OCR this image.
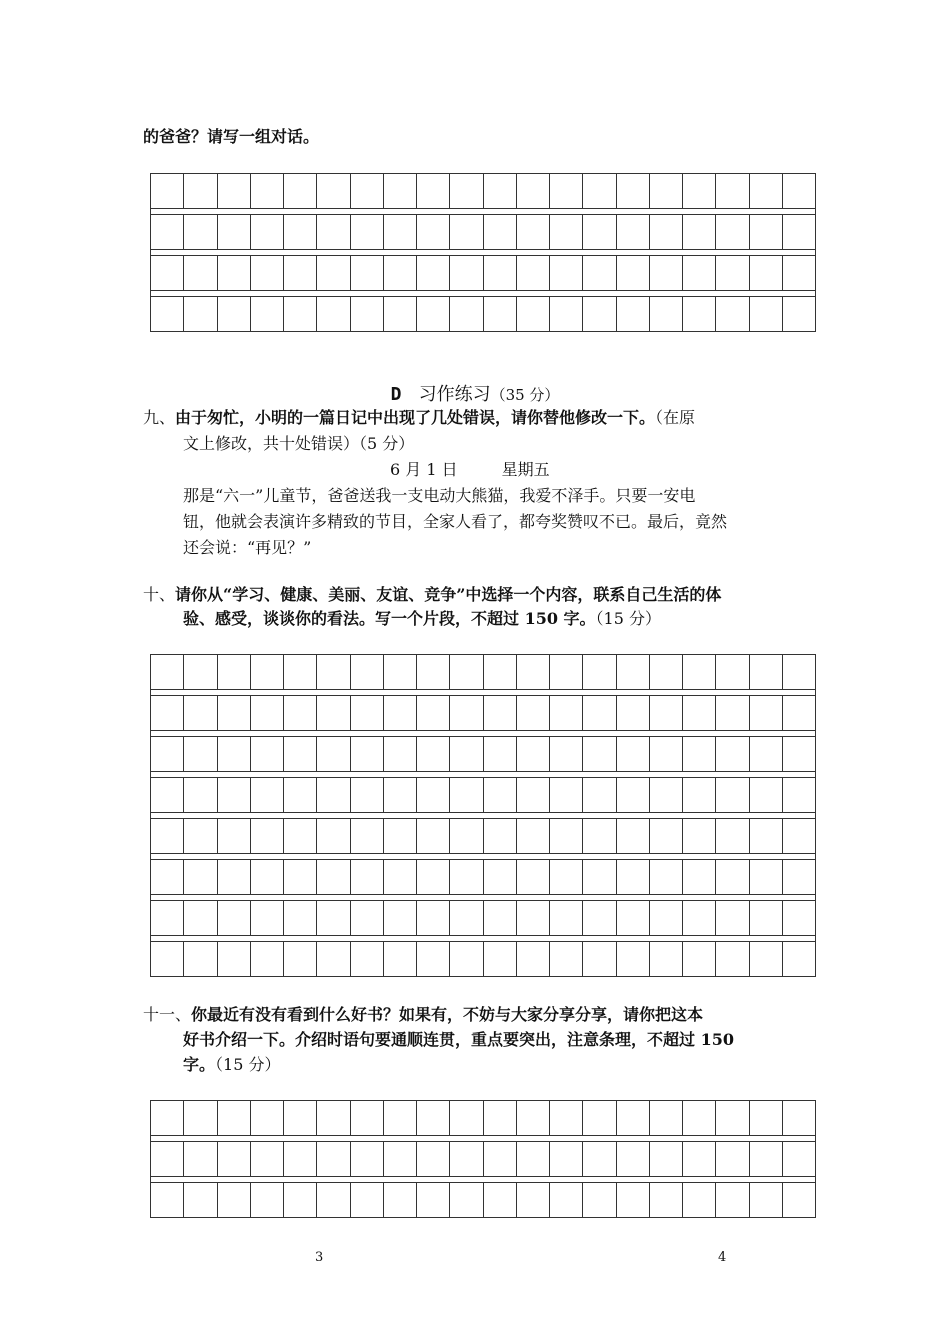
的爸爸？请写一组对话。
D 习作练习（35 分）
九、由于匆忙，小明的一篇日记中出现了几处错误，请你替他修改一下。（在原
文上修改，共十处错误）（5 分）
6 月 1 日	星期五
那是“六一”儿童节，爸爸送我一支电动大熊猫，我爱不泽手。只要一安电
钮，他就会表演许多精致的节目，全家人看了，都夸奖赞叹不已。最后，竟然
还会说：“再见？”
十、请你从“学习、健康、美丽、友谊、竞争”中选择一个内容，联系自己生活的体
验、感受，谈谈你的看法。写一个片段，不超过 150 字。（15 分）
十一、你最近有没有看到什么好书？如果有，不妨与大家分享分享，请你把这本
好书介绍一下。介绍时语句要通顺连贯，重点要突出，注意条理，不超过 150
字。（15 分）
3	4
